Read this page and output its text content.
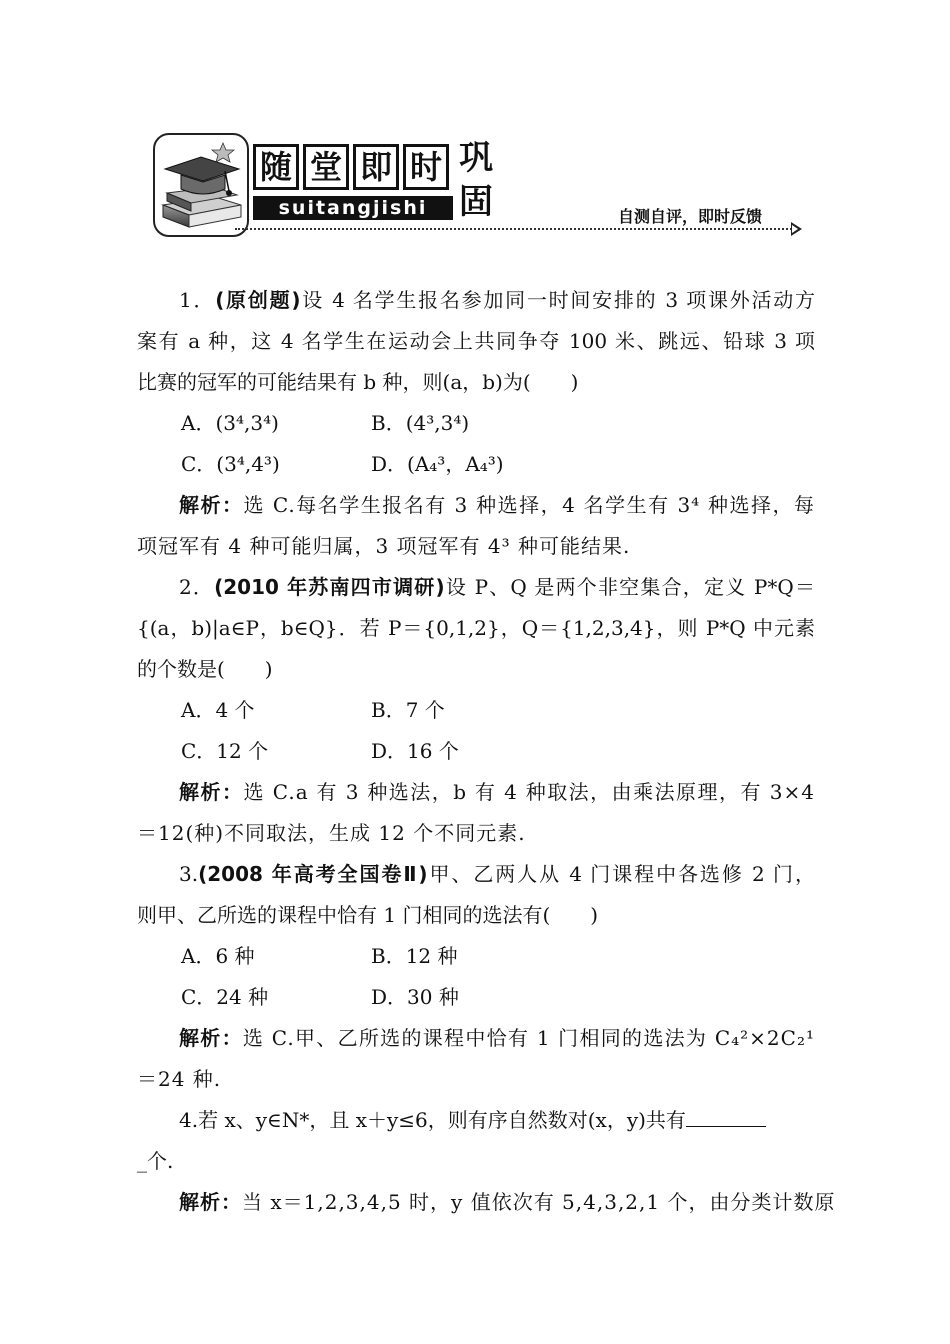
随 堂 即 时
suitangjishi
巩
固	自测自评，即时反馈
1．(原创题)设 4 名学生报名参加同一时间安排的 3 项课外活动方
案有 a 种，这 4 名学生在运动会上共同争夺 100 米、跳远、铅球 3 项
比赛的冠军的可能结果有 b 种，则(a，b)为(　　)
A．(3⁴,3⁴)	B．(4³,3⁴)
C．(3⁴,4³)	D．(A₄³，A₄³)
解析：选 C.每名学生报名有 3 种选择，4 名学生有 3⁴ 种选择，每
项冠军有 4 种可能归属，3 项冠军有 4³ 种可能结果.
2．(2010 年苏南四市调研)设 P、Q 是两个非空集合，定义 P*Q＝
{(a，b)|a∈P，b∈Q}．若 P＝{0,1,2}，Q＝{1,2,3,4}，则 P*Q 中元素
的个数是(　　)
A．4 个	B．7 个
C．12 个	D．16 个
解析：选 C.a 有 3 种选法，b 有 4 种取法，由乘法原理，有 3×4
＝12(种)不同取法，生成 12 个不同元素.
3.(2008 年高考全国卷Ⅱ)甲、乙两人从 4 门课程中各选修 2 门，
则甲、乙所选的课程中恰有 1 门相同的选法有(　　)
A．6 种	B．12 种
C．24 种	D．30 种
解析：选 C.甲、乙所选的课程中恰有 1 门相同的选法为 C₄²×2C₂¹
＝24 种.
4.若 x、y∈N*，且 x＋y≤6，则有序自然数对(x，y)共有
_个.
解析：当 x＝1,2,3,4,5 时，y 值依次有 5,4,3,2,1 个，由分类计数原
